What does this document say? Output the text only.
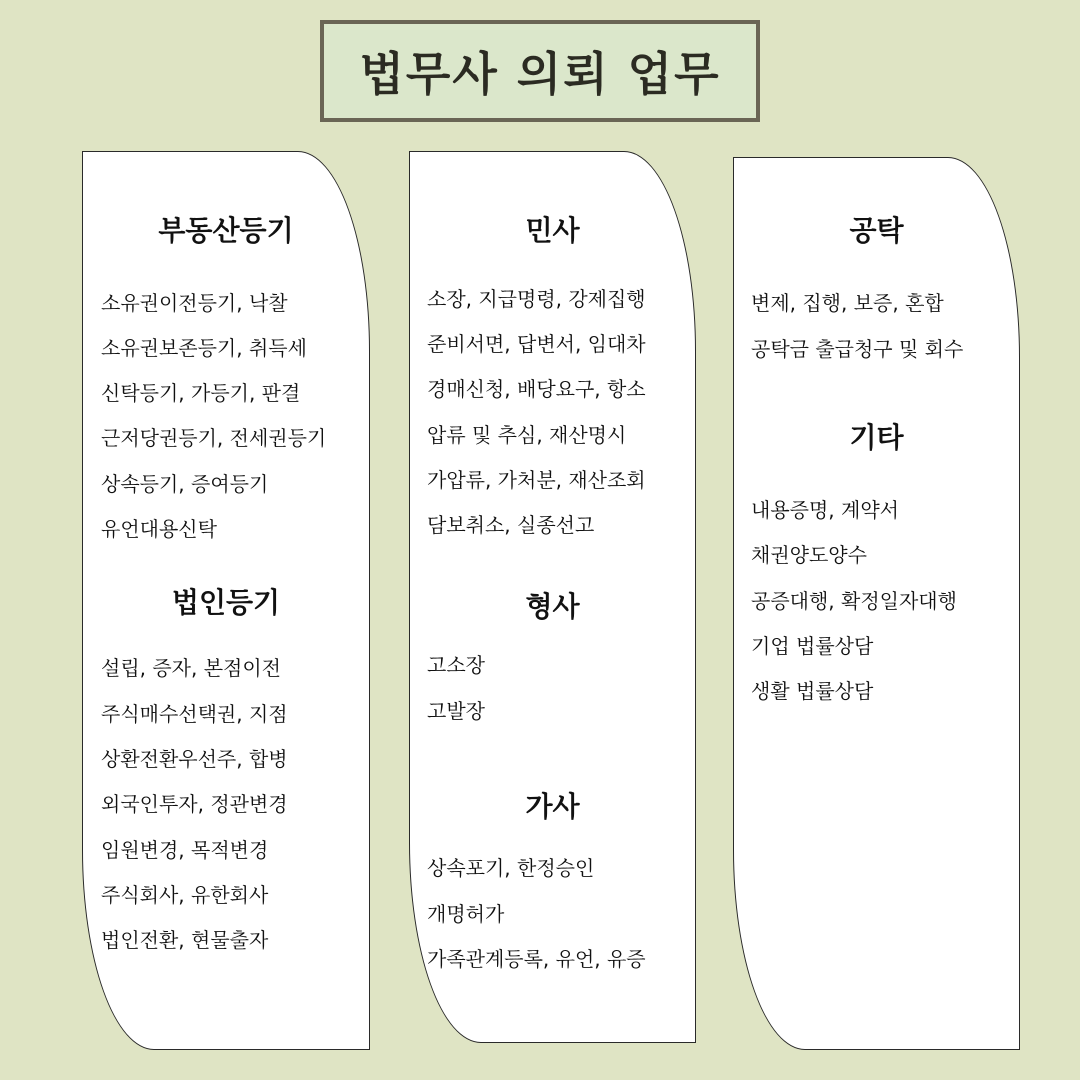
법무사 의뢰 업무
부동산등기
소유권이전등기, 낙찰
소유권보존등기, 취득세
신탁등기, 가등기, 판결
근저당권등기, 전세권등기
상속등기, 증여등기
유언대용신탁
법인등기
설립, 증자, 본점이전
주식매수선택권, 지점
상환전환우선주, 합병
외국인투자, 정관변경
임원변경, 목적변경
주식회사, 유한회사
법인전환, 현물출자
민사
소장, 지급명령, 강제집행
준비서면, 답변서, 임대차
경매신청, 배당요구, 항소
압류 및 추심, 재산명시
가압류, 가처분, 재산조회
담보취소, 실종선고
형사
고소장
고발장
가사
상속포기, 한정승인
개명허가
가족관계등록, 유언, 유증
공탁
변제, 집행, 보증, 혼합
공탁금 출급청구 및 회수
기타
내용증명, 계약서
채권양도양수
공증대행, 확정일자대행
기업 법률상담
생활 법률상담
